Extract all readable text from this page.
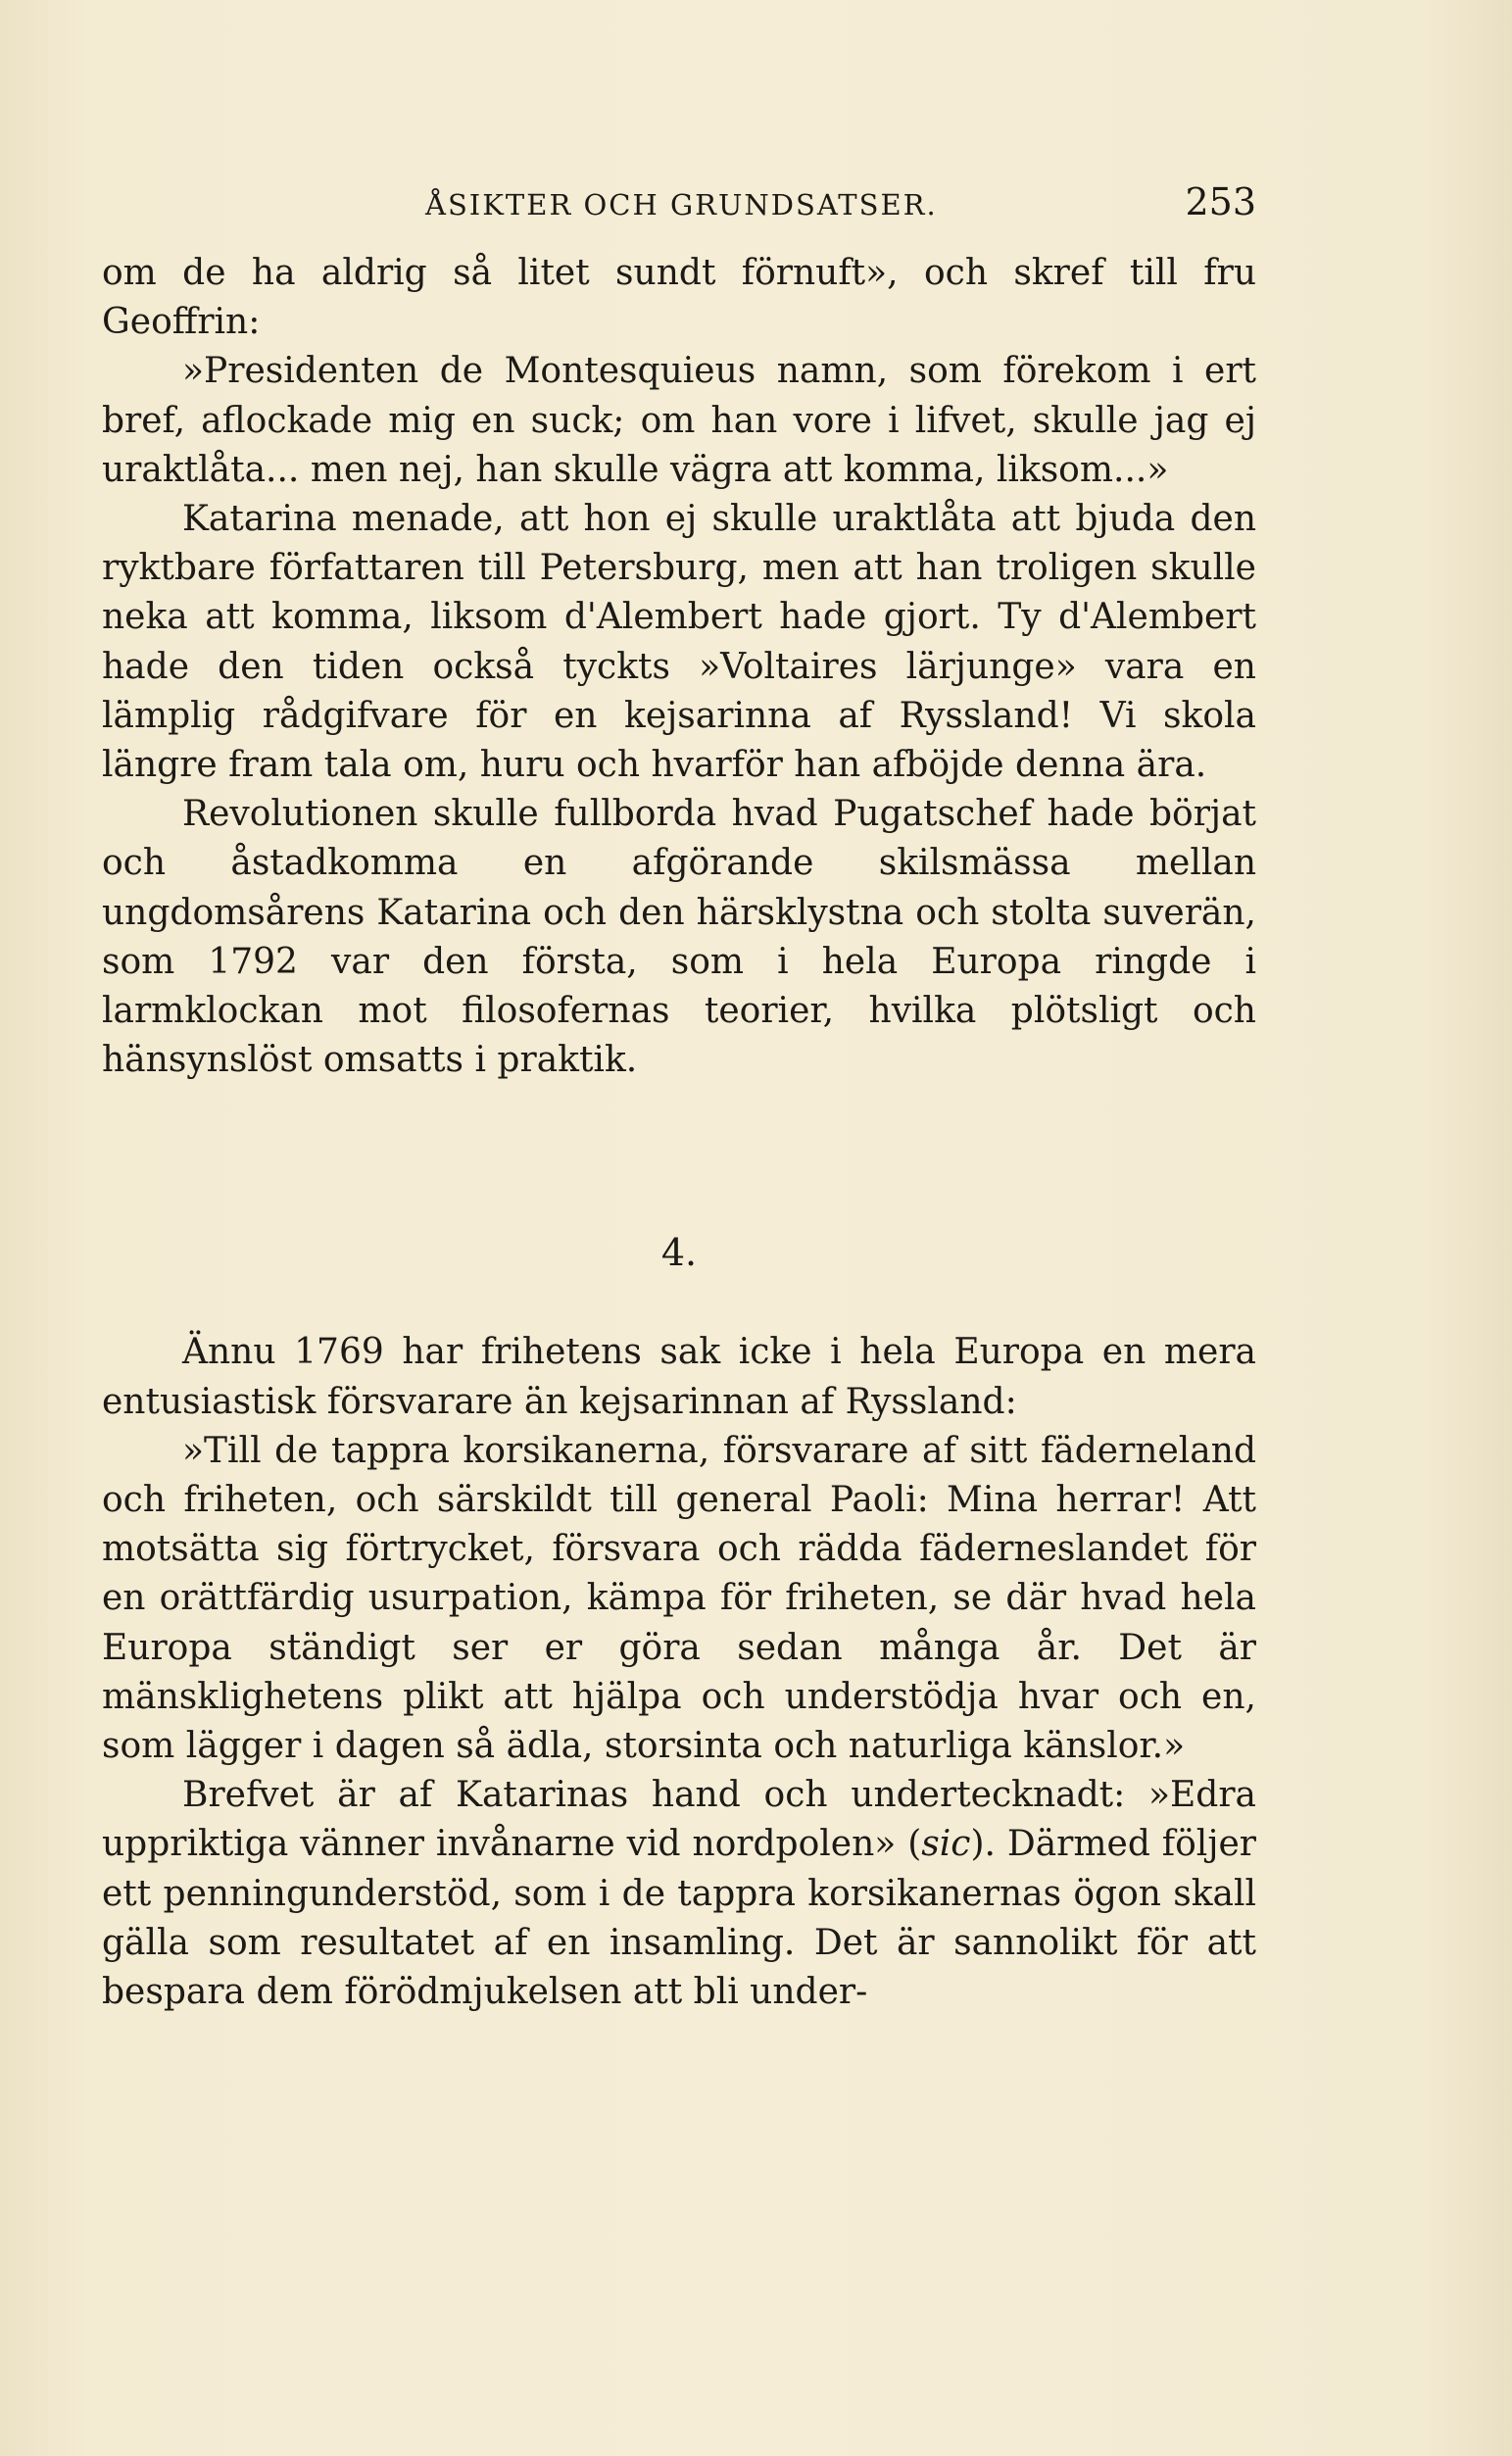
ÅSIKTER OCH GRUNDSATSER.	253

om de ha aldrig så litet sundt förnuft», och skref till fru Geoffrin:

»Presidenten de Montesquieus namn, som förekom i ert bref, aflockade mig en suck; om han vore i lifvet, skulle jag ej uraktlåta... men nej, han skulle vägra att komma, liksom...»

Katarina menade, att hon ej skulle uraktlåta att bjuda den ryktbare författaren till Petersburg, men att han troligen skulle neka att komma, liksom d'Alembert hade gjort. Ty d'Alembert hade den tiden också tyckts »Voltaires lärjunge» vara en lämplig rådgifvare för en kejsarinna af Ryssland! Vi skola längre fram tala om, huru och hvarför han afböjde denna ära.

Revolutionen skulle fullborda hvad Pugatschef hade börjat och åstadkomma en afgörande skilsmässa mellan ungdomsårens Katarina och den härsklystna och stolta suverän, som 1792 var den första, som i hela Europa ringde i larmklockan mot filosofernas teorier, hvilka plötsligt och hänsynslöst omsatts i praktik.

4.

Ännu 1769 har frihetens sak icke i hela Europa en mera entusiastisk försvarare än kejsarinnan af Ryssland:

»Till de tappra korsikanerna, försvarare af sitt fäderneland och friheten, och särskildt till general Paoli: Mina herrar! Att motsätta sig förtrycket, försvara och rädda fäderneslandet för en orättfärdig usurpation, kämpa för friheten, se där hvad hela Europa ständigt ser er göra sedan många år. Det är mänsklighetens plikt att hjälpa och understödja hvar och en, som lägger i dagen så ädla, storsinta och naturliga känslor.»

Brefvet är af Katarinas hand och undertecknadt: »Edra uppriktiga vänner invånarne vid nordpolen» (sic). Därmed följer ett penningunderstöd, som i de tappra korsikanernas ögon skall gälla som resultatet af en insamling. Det är sannolikt för att bespara dem förödmjukelsen att bli under-
